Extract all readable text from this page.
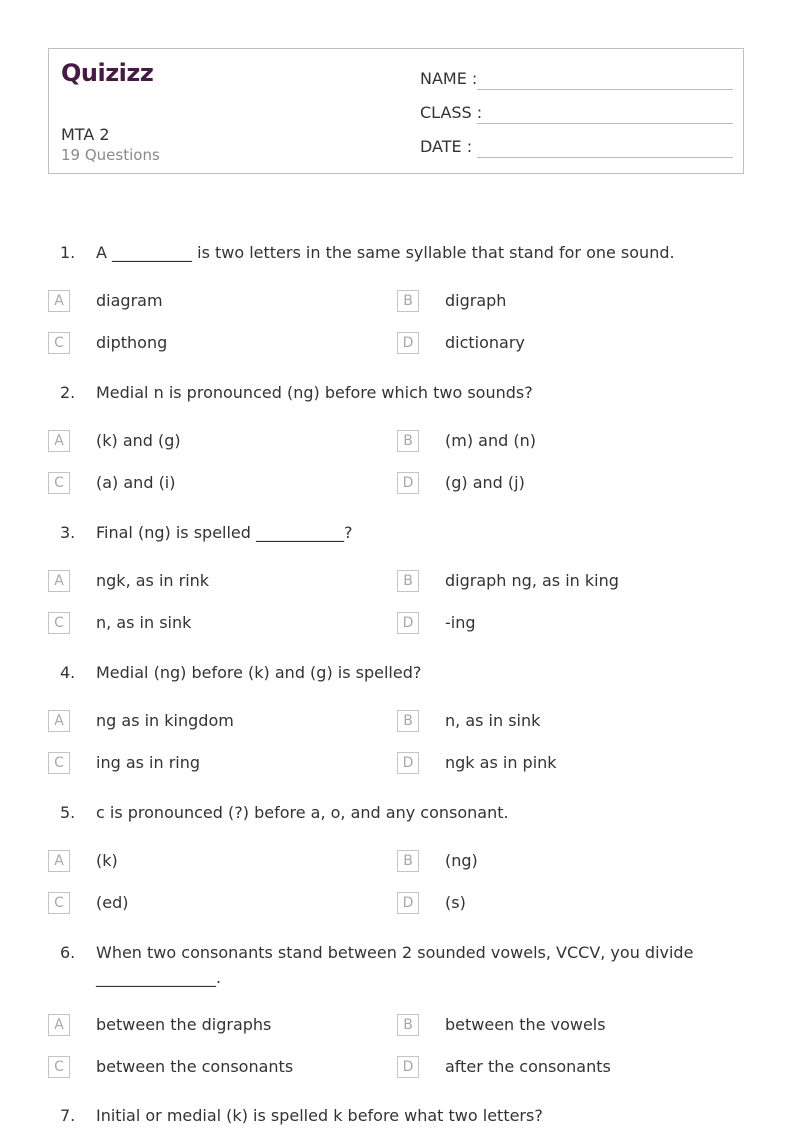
Quizizz
MTA 2
19 Questions
NAME :
CLASS :
DATE :
1. A __________ is two letters in the same syllable that stand for one sound.
A	diagram	B	digraph
C	dipthong	D	dictionary
2. Medial n is pronounced (ng) before which two sounds?
A	(k) and (g)	B	(m) and (n)
C	(a) and (i)	D	(g) and (j)
3. Final (ng) is spelled ___________?
A	ngk, as in rink	B	digraph ng, as in king
C	n, as in sink	D	-ing
4. Medial (ng) before (k) and (g) is spelled?
A	ng as in kingdom	B	n, as in sink
C	ing as in ring	D	ngk as in pink
5. c is pronounced (?) before a, o, and any consonant.
A	(k)	B	(ng)
C	(ed)	D	(s)
6. When two consonants stand between 2 sounded vowels, VCCV, you divide
_______________.
A	between the digraphs	B	between the vowels
C	between the consonants	D	after the consonants
7. Initial or medial (k) is spelled k before what two letters?
